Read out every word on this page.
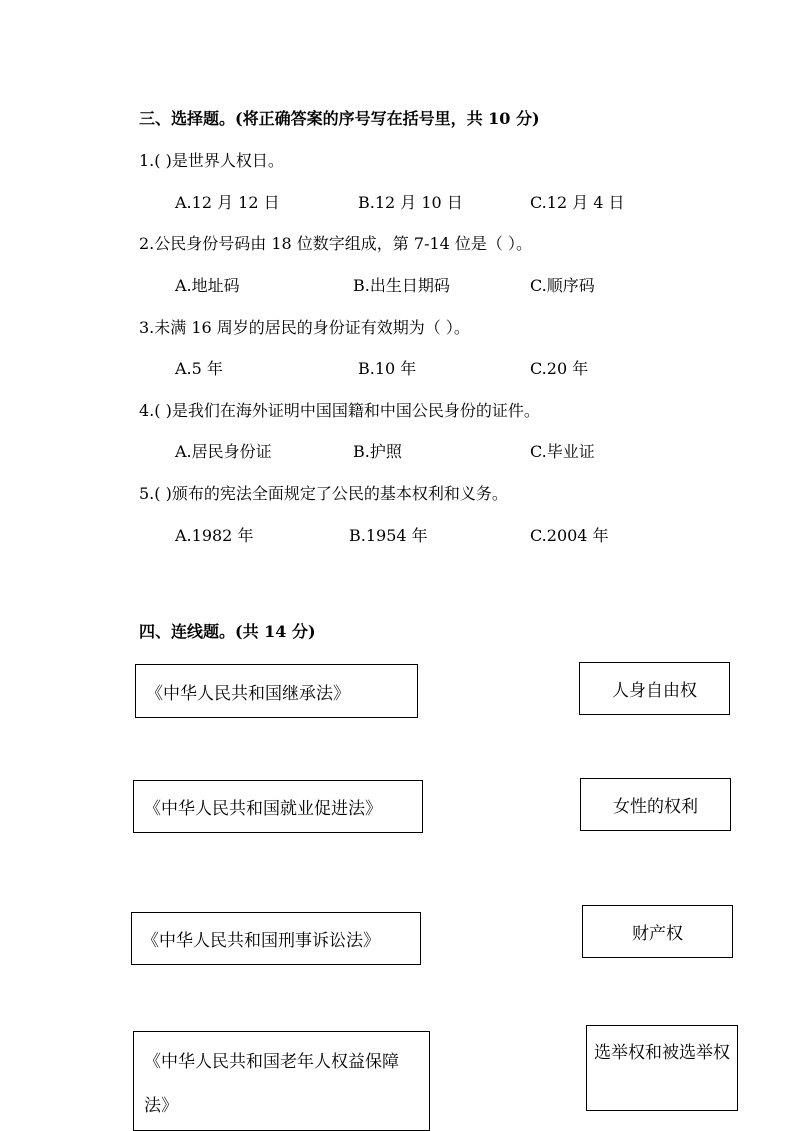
三、选择题。(将正确答案的序号写在括号里，共 10 分)
1.( )是世界人权日。
A.12 月 12 日	B.12 月 10 日	C.12 月 4 日
2.公民身份号码由 18 位数字组成，第 7-14 位是（ ）。
A.地址码	B.出生日期码	C.顺序码
3.未满 16 周岁的居民的身份证有效期为（ ）。
A.5 年	B.10 年	C.20 年
4.( )是我们在海外证明中国国籍和中国公民身份的证件。
A.居民身份证	B.护照	C.毕业证
5.( )颁布的宪法全面规定了公民的基本权利和义务。
A.1982 年	B.1954 年	C.2004 年
四、连线题。(共 14 分)
《中华人民共和国继承法》
《中华人民共和国就业促进法》
《中华人民共和国刑事诉讼法》
《中华人民共和国老年人权益保障法》
人身自由权
女性的权利
财产权
选举权和被选举权
